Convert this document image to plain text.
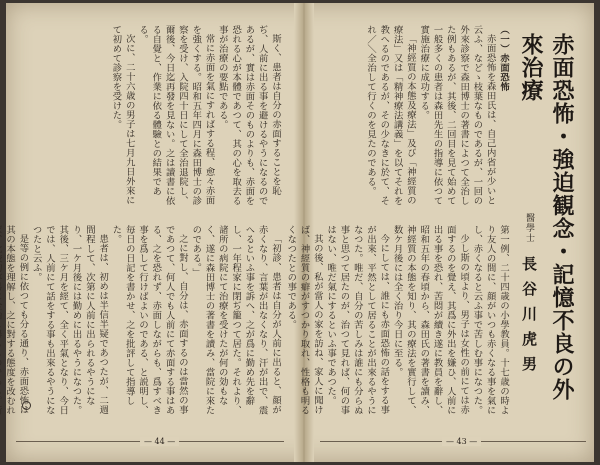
斯く、患者は自分の赤面することを恥ぢ、人前に出る事を避けるやうになるのであるが、實は赤面そのものよりも、赤面を恐れる心が本體であつて、其の心を取去る事が治療の要點である。

常に赤面を氣にすればする程、愈々赤面を強くする。昭和五年四月に森田博士の診察を受け、入院四十日にして全治退院し、爾後、今日迄再發を見ない。之は讀書に依る自覺と、作業に依る體驗との結果である。

次に、二十六歳の男子は七月九日外來にて初めて診察を受けた。

「初診、患者は自分が人前に出ると、顔が赤くなり、言葉が出なくなり、汗が出で、震へるといふ事を訴へ、之が爲に勤め先を辭し、一年程家に閉ぢ籠つて居た。それより、諸所の病院にて治療を受けたが何の効もなく、遂に森田博士の著書を讀み、當院に來たのである。」

之に對し、自分は、赤面するのは當然の事であつて、何人でも人前にて赤面する事はある、之を恐れず、赤面しながらも、爲すべき事を爲して行けばよいのである、と説明し、毎日の日記を書かせ、之を批評して指導した。

患者は、初めは半信半疑であつたが、二週間程して、次第に人前に出られるやうになり、一ケ月後には勤めに出るやうになつた。其後、三ケ月を經て、全く平氣となり、今日では、人前にて話をする事も出來るやうになつたと云ふ。

是等の例に依つても分る通り、赤面恐怖は其の本態を理解し、之に對する態度を改むれ

— 44 —
赤面恐怖・強迫観念・記憶不良の外來治療
醫學士 長谷川虎男

（一）赤面恐怖

赤面恐怖を森田氏は、自己内省が少いと云ふ、などゝ枝葉なものであるが、一回の外來診察で森田博士の著書によつて全治した例もあるが、其後、二回目を見て始めて一般多くの患者は森田先生の指導に依つて實施治療に成功する。

「神經質の本態及療法」及び「神經質の療法」又は「精神療法講義」を以てそれを教へるのであるが、その少なきに於て、それ／＼全治して行くのを見たのである。

第一例、二十四歳の小學教員。十七歳の時より友人の間に、顔がいつも赤くなる事を氣にし、赤くなると云ふ事で苦しむ事になつた。

少し斯の頃より、男子は女性の前にては赤面するのを覺え、其爲に外出を嫌ひ、人前に出る事を恐れ、苦悶が續き遂に教員を辭し、昭和五年の春頃から、森田氏の著書を讀み、神經質の本態を知り、其の療法を實行して、数ケ月後には全く治り今日に至る。

今にしては、誰にも赤面恐怖の話をする事が出來、平然として居ることが出來るやうになつた。唯だ、自分の苦しみは誰にも分らぬ事と思つて居たのが、治つて見れば、何の事はない、唯だ氣にするといふ事であつた。

其の後、私が當人の家を訪ね、家人に聞けば、神經質の癖がすつかり取れ、性格も明るくなつたとの事である。

— 43 —
